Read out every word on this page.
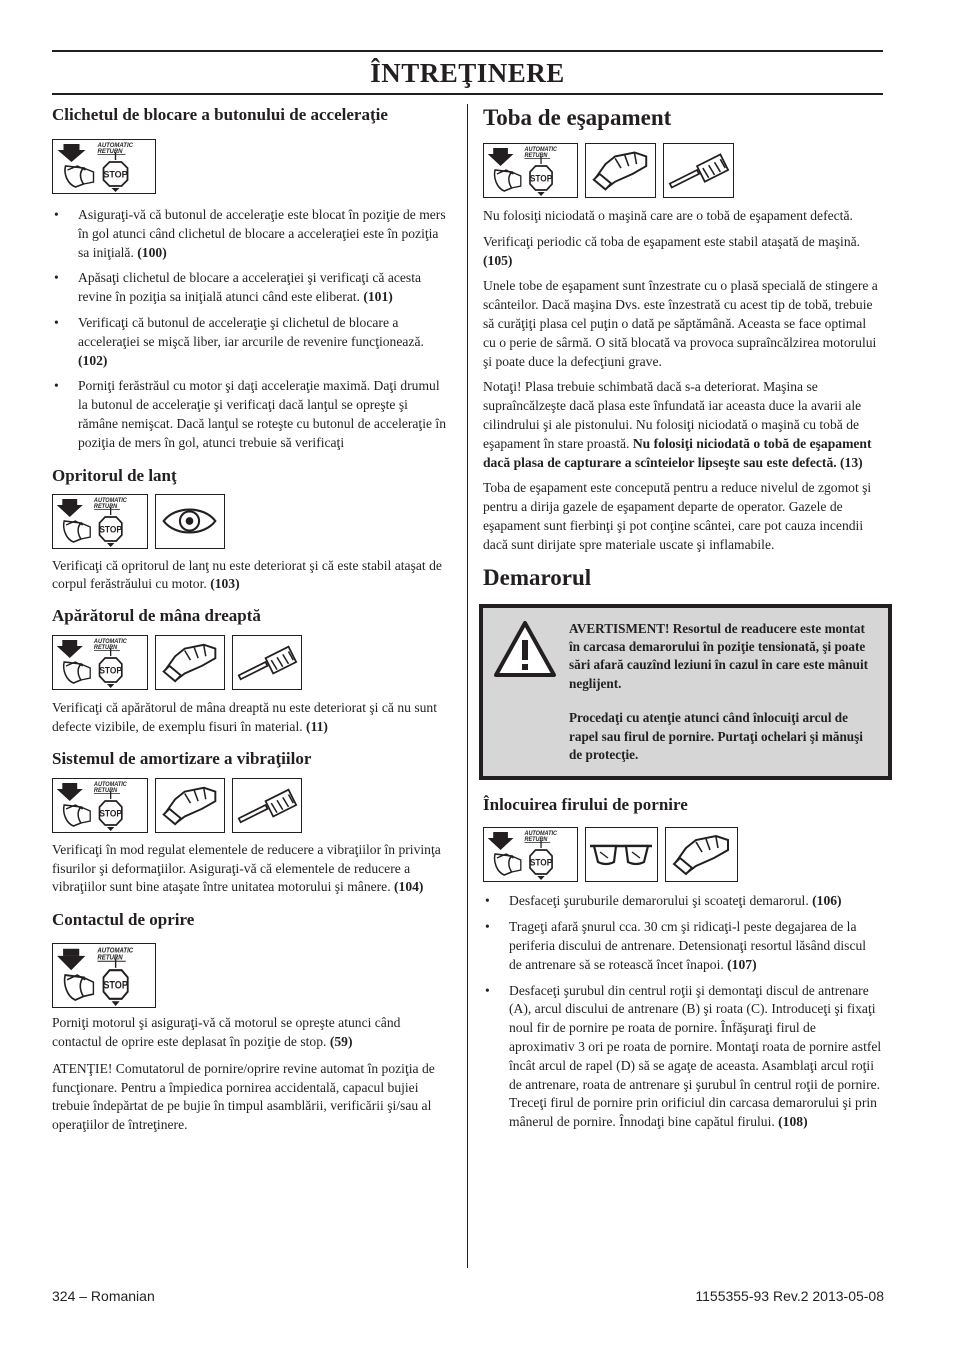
ÎNTREŢINERE
Clichetul de blocare a butonului de acceleraţie
• Asiguraţi-vă că butonul de acceleraţie este blocat în poziţie de mers în gol atunci când clichetul de blocare a acceleraţiei este în poziţia sa iniţială. (100)
• Apăsaţi clichetul de blocare a acceleraţiei şi verificaţi că acesta revine în poziţia sa iniţială atunci când este eliberat. (101)
• Verificaţi că butonul de acceleraţie şi clichetul de blocare a acceleraţiei se mişcă liber, iar arcurile de revenire funcţionează. (102)
• Porniţi ferăstrăul cu motor şi daţi acceleraţie maximă. Daţi drumul la butonul de acceleraţie şi verificaţi dacă lanţul se opreşte şi rămâne nemişcat. Dacă lanţul se roteşte cu butonul de acceleraţie în poziţia de mers în gol, atunci trebuie să verificaţi
Opritorul de lanţ

Verificaţi că opritorul de lanţ nu este deteriorat şi că este stabil ataşat de corpul ferăstrăului cu motor. (103)

Apărătorul de mâna dreaptă

Verificaţi că apărătorul de mâna dreaptă nu este deteriorat şi că nu sunt defecte vizibile, de exemplu fisuri în material. (11)

Sistemul de amortizare a vibraţiilor

Verificaţi în mod regulat elementele de reducere a vibraţiilor în privinţa fisurilor şi deformaţiilor. Asiguraţi-vă că elementele de reducere a vibraţiilor sunt bine ataşate între unitatea motorului şi mânere. (104)

Contactul de oprire

Porniţi motorul şi asiguraţi-vă că motorul se opreşte atunci când contactul de oprire este deplasat în poziţie de stop. (59)

ATENŢIE! Comutatorul de pornire/oprire revine automat în poziţia de funcţionare. Pentru a împiedica pornirea accidentală, capacul bujiei trebuie îndepărtat de pe bujie în timpul asamblării, verificării şi/sau al operaţiilor de întreţinere.

Toba de eşapament

Nu folosiţi niciodată o maşină care are o tobă de eşapament defectă.

Verificaţi periodic că toba de eşapament este stabil ataşată de maşină. (105)

Unele tobe de eşapament sunt înzestrate cu o plasă specială de stingere a scânteilor. Dacă maşina Dvs. este înzestrată cu acest tip de tobă, trebuie să curăţiţi plasa cel puţin o dată pe săptămână. Aceasta se face optimal cu o perie de sârmă. O sită blocată va provoca supraîncălzirea motorului şi poate duce la defecţiuni grave.

Notaţi! Plasa trebuie schimbată dacă s-a deteriorat. Maşina se supraîncălzeşte dacă plasa este înfundată iar aceasta duce la avarii ale cilindrului şi ale pistonului. Nu folosiţi niciodată o maşină cu tobă de eşapament în stare proastă. Nu folosiţi niciodată o tobă de eşapament dacă plasa de capturare a scînteielor lipseşte sau este defectă. (13)

Toba de eşapament este concepută pentru a reduce nivelul de zgomot şi pentru a dirija gazele de eşapament departe de operator. Gazele de eşapament sunt fierbinţi şi pot conţine scântei, care pot cauza incendii dacă sunt dirijate spre materiale uscate şi inflamabile.

Demarorul

AVERTISMENT! Resortul de readucere este montat în carcasa demarorului în poziţie tensionată, şi poate sări afară cauzînd leziuni în cazul în care este mânuit neglijent.

Procedaţi cu atenţie atunci când înlocuiţi arcul de rapel sau firul de pornire. Purtaţi ochelari şi mănuşi de protecţie.

Înlocuirea firului de pornire
• Desfaceţi şuruburile demarorului şi scoateţi demarorul. (106)
• Trageţi afară şnurul cca. 30 cm şi ridicaţi-l peste degajarea de la periferia discului de antrenare. Detensionaţi resortul lăsând discul de antrenare să se rotească încet înapoi. (107)
• Desfaceţi şurubul din centrul roţii şi demontaţi discul de antrenare (A), arcul discului de antrenare (B) şi roata (C). Introduceţi şi fixaţi noul fir de pornire pe roata de pornire. Înfăşuraţi firul de aproximativ 3 ori pe roata de pornire. Montaţi roata de pornire astfel încât arcul de rapel (D) să se agaţe de aceasta. Asamblaţi arcul roţii de antrenare, roata de antrenare şi şurubul în centrul roţii de pornire. Treceţi firul de pornire prin orificiul din carcasa demarorului şi prin mânerul de pornire. Înnodaţi bine capătul firului. (108)
324 – Romanian	1155355-93 Rev.2 2013-05-08
